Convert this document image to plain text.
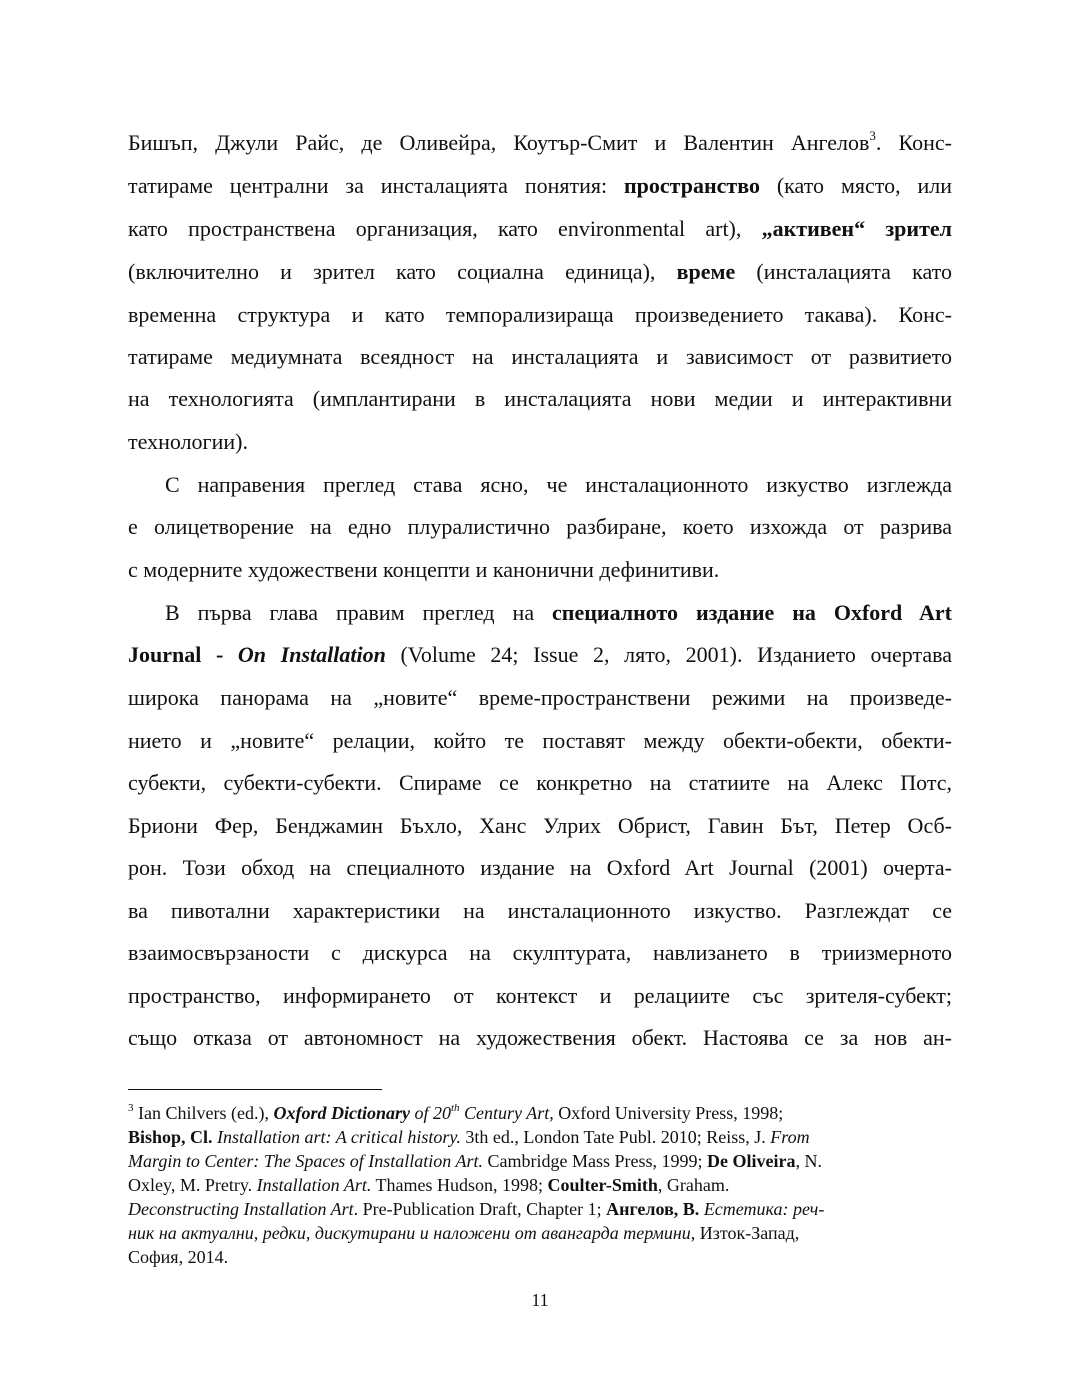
Бишъп, Джули Райс, де Оливейра, Коутър-Смит и Валентин Ангелов$^3$. Конс-
татираме централни за инсталацията понятия: пространство (като място, или
като пространствена организация, като environmental art), „активен“ зрител
(включително и зрител като социална единица), време (инсталацията като
временна структура и като темпорализираща произведението такава). Конс-
татираме медиумната всеядност на инсталацията и зависимост от развитието
на технологията (имплантирани в инсталацията нови медии и интерактивни
технологии).
С направения преглед става ясно, че инсталационното изкуство изглежда
е олицетворение на едно плуралистично разбиране, което изхожда от разрива
с модерните художествени концепти и канонични дефинитиви.
В първа глава правим преглед на специалното издание на Oxford Art
Journal - On Installation (Volume 24; Issue 2, лято, 2001). Изданието очертава
широка панорама на „новите“ време-пространствени режими на произведе-
нието и „новите“ релации, който те поставят между обекти-обекти, обекти-
субекти, субекти-субекти. Спираме се конкретно на статиите на Алекс Потс,
Бриони Фер, Бенджамин Бъхло, Ханс Улрих Обрист, Гавин Бът, Петер Осб-
рон. Този обход на специалното издание на Oxford Art Journal (2001) очерта-
ва пивотални характеристики на инсталационното изкуство. Разглеждат се
взаимосвързаности с дискурса на скулптурата, навлизането в триизмерното
пространство, информирането от контекст и релациите със зрителя-субект;
също отказа от автономност на художествения обект. Настоява се за нов ан-
$^3$ Ian Chilvers (ed.), Oxford Dictionary of 20th Century Art, Oxford University Press, 1998;
Bishop, Cl. Installation art: A critical history. 3th ed., London Tate Publ. 2010; Reiss, J. From
Margin to Center: The Spaces of Installation Art. Cambridge Mass Press, 1999; De Oliveira, N.
Oxley, M. Pretry. Installation Art. Thames Hudson, 1998; Coulter-Smith, Graham.
Deconstructing Installation Art. Pre-Publication Draft, Chapter 1; Ангелов, В. Естетика: реч-
ник на актуални, редки, дискутирани и наложени от авангарда термини, Изток-Запад,
София, 2014.
11
